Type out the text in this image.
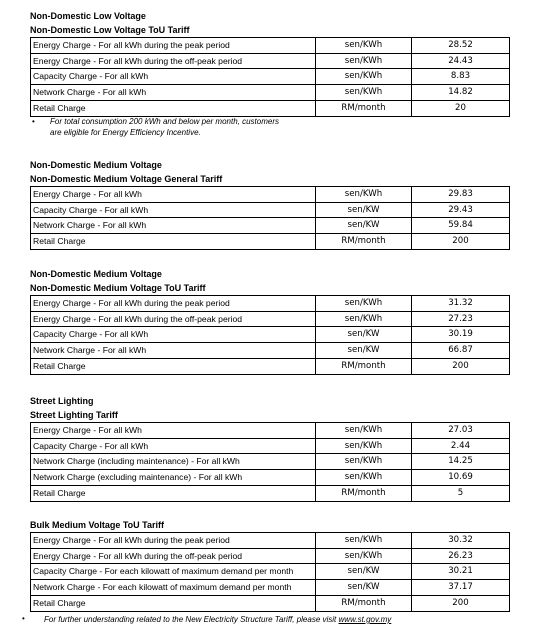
Non-Domestic Low Voltage
Non-Domestic Low Voltage ToU Tariff
Energy Charge - For all kWh during the peak period	sen/KWh	28.52
Energy Charge - For all kWh during the off-peak period	sen/KWh	24.43
Capacity Charge - For all kWh	sen/KWh	8.83
Network Charge - For all kWh	sen/KWh	14.82
Retail Charge	RM/month	20
• For total consumption 200 kWh and below per month, customers
are eligible for Energy Efficiency Incentive.
Non-Domestic Medium Voltage
Non-Domestic Medium Voltage General Tariff
Energy Charge - For all kWh	sen/KWh	29.83
Capacity Charge - For all kWh	sen/KW	29.43
Network Charge - For all kWh	sen/KW	59.84
Retail Charge	RM/month	200
Non-Domestic Medium Voltage
Non-Domestic Medium Voltage ToU Tariff
Energy Charge - For all kWh during the peak period	sen/KWh	31.32
Energy Charge - For all kWh during the off-peak period	sen/KWh	27.23
Capacity Charge - For all kWh	sen/KW	30.19
Network Charge - For all kWh	sen/KW	66.87
Retail Charge	RM/month	200
Street Lighting
Street Lighting Tariff
Energy Charge - For all kWh	sen/KWh	27.03
Capacity Charge - For all kWh	sen/KWh	2.44
Network Charge (including maintenance) - For all kWh	sen/KWh	14.25
Network Charge (excluding maintenance) - For all kWh	sen/KWh	10.69
Retail Charge	RM/month	5
Bulk Medium Voltage ToU Tariff
Energy Charge - For all kWh during the peak period	sen/KWh	30.32
Energy Charge - For all kWh during the off-peak period	sen/KWh	26.23
Capacity Charge - For each kilowatt of maximum demand per month	sen/KW	30.21
Network Charge - For each kilowatt of maximum demand per month	sen/KW	37.17
Retail Charge	RM/month	200
• For further understanding related to the New Electricity Structure Tariff, please visit www.st.gov.my
